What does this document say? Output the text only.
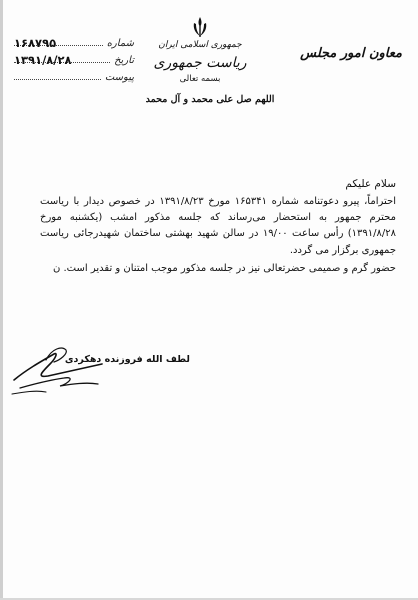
شماره
۱۶۸۷۹۵
تاریخ
۱۳۹۱/۸/۲۸
پیوست
جمهوری اسلامی ایران
ریاست جمهوری
بسمه تعالی
اللهم صل علی محمد و آل محمد
معاون امور مجلس
سلام علیکم

احتراماً، پیرو دعوتنامه شماره ۱۶۵۳۴۱ مورخ ۱۳۹۱/۸/۲۳ در خصوص دیدار با ریاست محترم جمهور به استحضار می‌رساند که جلسه مذکور امشب (یکشنبه مورخ ۱۳۹۱/۸/۲۸) رأس ساعت ۱۹/۰۰ در سالن شهید بهشتی ساختمان شهیدرجائی ریاست جمهوری برگزار می گردد.

حضور گرم و صمیمی حضرتعالی نیز در جلسه مذکور موجب امتنان و تقدیر است. ن

لطف الله فروزنده دهکردی
